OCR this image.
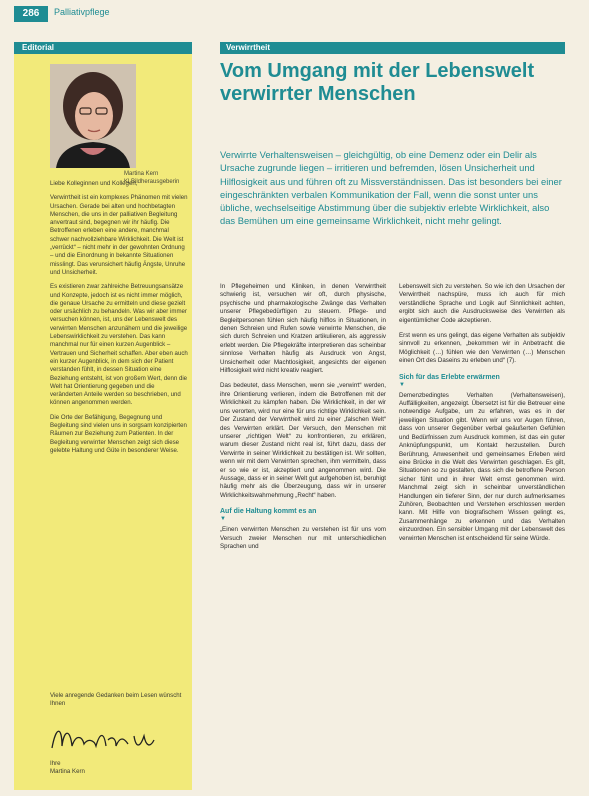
286	Palliativpflege
Editorial
Martina Kern
Kl.Bildherausgeberin

Liebe Kolleginnen und Kollegen,

Verwirrtheit ist ein komplexes Phänomen mit vielen Ursachen. Gerade bei alten und hochbetagten Menschen, die uns in der palliativen Begleitung anvertraut sind, begegnen wir ihr häufig. Die Betroffenen erleben eine andere, manchmal schwer nachvollziehbare Wirklichkeit. Die Welt ist „verrückt“ – nicht mehr in der gewohnten Ordnung – und die Einordnung in bekannte Situationen misslingt. Das verunsichert häufig Ängste, Unruhe und Unsicherheit.

Es existieren zwar zahlreiche Betreuungsansätze und Konzepte, jedoch ist es nicht immer möglich, die genaue Ursache zu ermitteln und diese gezielt oder ursächlich zu behandeln. Was wir aber immer versuchen können, ist, uns der Lebenswelt des verwirrten Menschen anzunähern und die jeweilige Lebenswirklichkeit zu verstehen. Das kann manchmal nur für einen kurzen Augenblick – Vertrauen und Sicherheit schaffen. Aber eben auch ein kurzer Augenblick, in dem sich der Patient verstanden fühlt, in dessen Situation eine Beziehung entsteht, ist von großem Wert, denn die Welt hat Orientierung gegeben und die veränderten Anteile werden so beschrieben, und können angenommen werden.

Die Orte der Befähigung, Begegnung und Begleitung sind vielen uns in sorgsam konzipierten Räumen zur Beziehung zum Patienten. In der Begleitung verwirrter Menschen zeigt sich diese gelebte Haltung und Güte in besonderer Weise.

Viele anregende Gedanken beim Lesen wünscht Ihnen
Ihre
Martina Kern
Verwirrtheit
Vom Umgang mit der Lebenswelt verwirrter Menschen

Verwirrte Verhaltensweisen – gleichgültig, ob eine Demenz oder ein Delir als Ursache zugrunde liegen – irritieren und befremden, lösen Unsicherheit und Hilflosigkeit aus und führen oft zu Missverständnissen. Das ist besonders bei einer eingeschränkten verbalen Kommunikation der Fall, wenn die sonst unter uns übliche, wechselseitige Abstimmung über die subjektiv erlebte Wirklichkeit, also das Bemühen um eine gemeinsame Wirklichkeit, nicht mehr gelingt.

In Pflegeheimen und Kliniken, in denen Verwirrtheit schwierig ist, versuchen wir oft, durch physische, psychische und pharmakologische Zwänge das Verhalten unserer Pflegebedürftigen zu steuern. Pflege- und Begleitpersonen fühlen sich häufig hilflos in Situationen, in denen Schreien und Rufen sowie verwirrte Menschen, die sich durch Schreien und Kratzen artikulieren, als aggressiv erlebt werden. Die Pflegekräfte interpretieren das scheinbar sinnlose Verhalten häufig als Ausdruck von Angst, Unsicherheit oder Machtlosigkeit, angesichts der eigenen Hilflosigkeit wird nicht kreativ reagiert.

Das bedeutet, dass Menschen, wenn sie „verwirrt“ werden, ihre Orientierung verlieren, indem die Betroffenen mit der Wirklichkeit zu kämpfen haben. Die Wirklichkeit, in der wir uns verorten, wird nur eine für uns richtige Wirklichkeit sein. Der Zustand der Verwirrtheit wird zu einer „falschen Welt“ des Verwirrten erklärt. Der Versuch, den Menschen mit unserer „richtigen Welt“ zu konfrontieren, zu erklären, warum dieser Zustand nicht real ist, führt dazu, dass der Verwirrte in seiner Wirklichkeit zu bestätigen ist. Wir sollten, wenn wir mit dem Verwirrten sprechen, ihm vermitteln, dass er so wie er ist, akzeptiert und angenommen wird. Die Aussage, dass er in seiner Welt gut aufgehoben ist, beruhigt häufig mehr als die Überzeugung, dass wir in unserer Wirklichkeitswahrnehmung „Recht“ haben.

Auf die Haltung kommt es an
▼

„Einen verwirrten Menschen zu verstehen ist für uns vom Versuch zweier Menschen nur mit unterschiedlichen Sprachen und

Lebenswelt sich zu verstehen. So wie ich den Ursachen der Verwirrtheit nachspüre, muss ich auch für mich verständliche Sprache und Logik auf Sinnlichkeit achten, ergibt sich auch die Ausdrucksweise des Verwirrten als eigentümlicher Code akzeptieren.

Erst wenn es uns gelingt, das eigene Verhalten als subjektiv sinnvoll zu erkennen, „bekommen wir in Anbetracht die Möglichkeit (…) fühlen wie den Verwirrten (…) Menschen einen Ort des Daseins zu erleben und“ (7).

Sich für das Erlebte erwärmen
▼

Demenzbedingtes Verhalten (Verhaltensweisen), Auffälligkeiten, angezeigt. Übersetzt ist für die Betreuer eine notwendige Aufgabe, um zu erfahren, was es in der jeweiligen Situation gibt. Wenn wir uns vor Augen führen, dass von unserer Gegenüber verbal geäußerten Gefühlen und Bedürfnissen zum Ausdruck kommen, ist das ein guter Anknüpfungspunkt, um Kontakt herzustellen. Durch Berührung, Anwesenheit und gemeinsames Erleben wird eine Brücke in die Welt des Verwirrten geschlagen. Es gilt, Situationen so zu gestalten, dass sich die betroffene Person sicher fühlt und in ihrer Welt ernst genommen wird. Manchmal zeigt sich in scheinbar unverständlichen Handlungen ein tieferer Sinn, der nur durch aufmerksames Zuhören, Beobachten und Verstehen erschlossen werden kann. Mit Hilfe von biografischem Wissen gelingt es, Zusammenhänge zu erkennen und das Verhalten einzuordnen. Ein sensibler Umgang mit der Lebenswelt des verwirrten Menschen ist entscheidend für seine Würde.
